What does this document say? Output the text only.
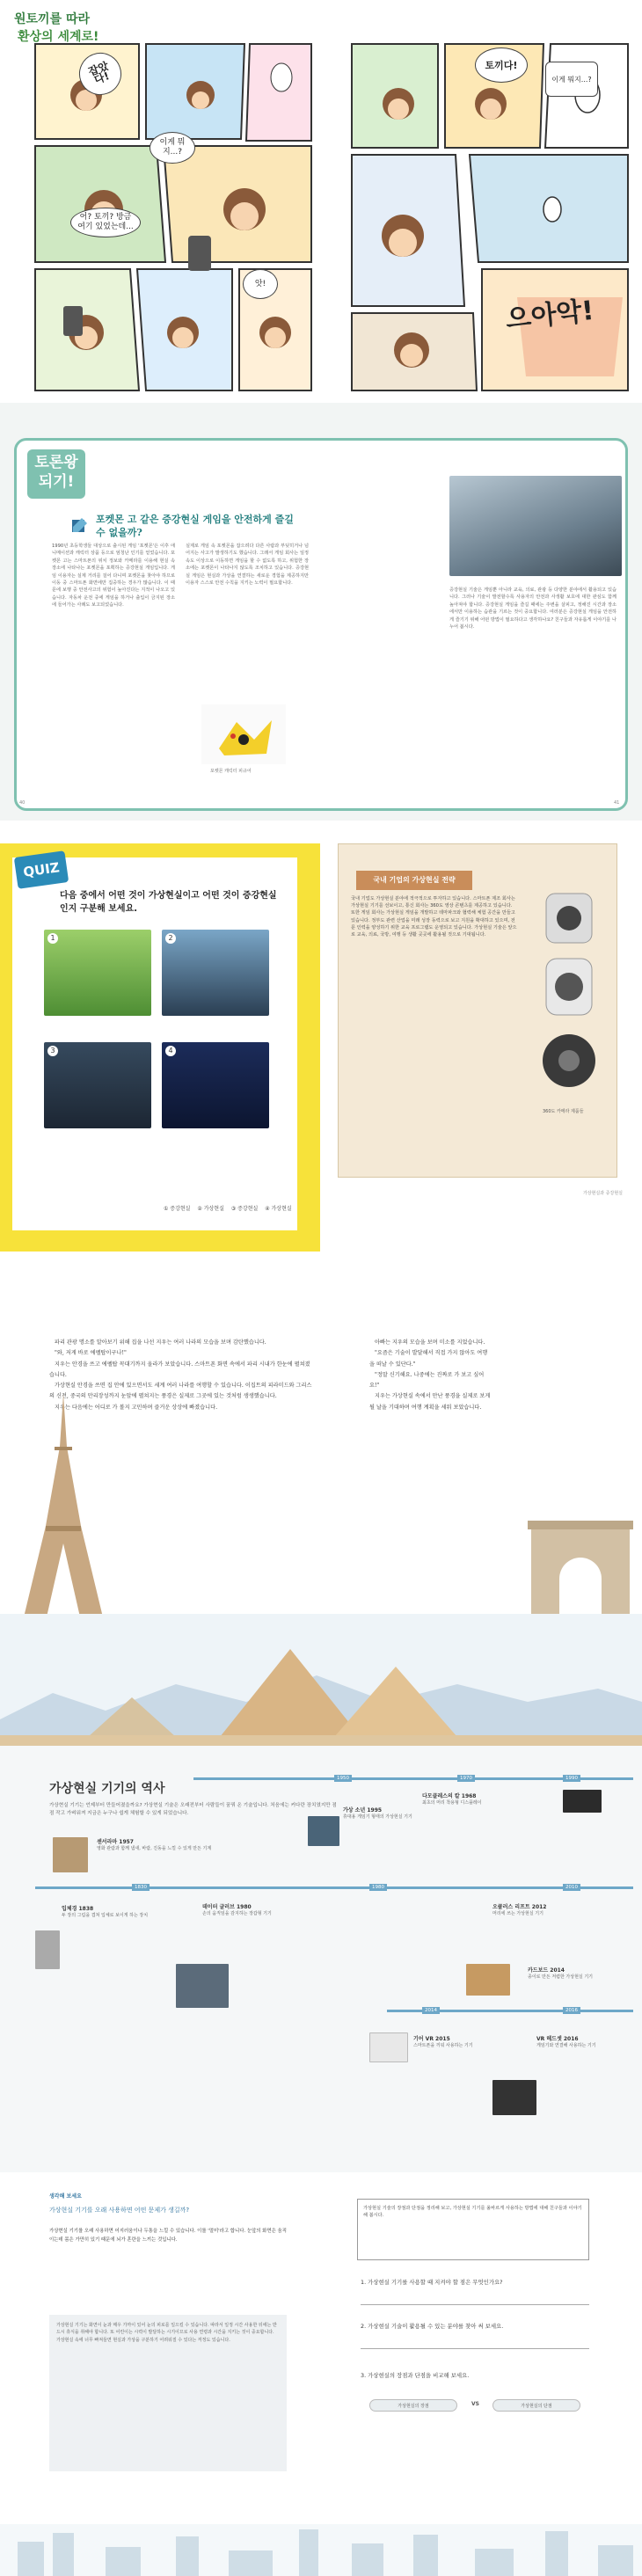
원토끼를 따라
환상의 세계로!
잡았다!
이게 뭐지...?
어? 토끼? 방금 여기 있었는데...
앗!
토끼다!
이게 뭐지...?
으아악!
토론왕
되기!
포켓몬 고 같은 증강현실 게임을 안전하게 즐길 수 없을까?
1990년 초등학생들 대상으로 출시된 게임 '포켓몬'은 이후 애니메이션과 캐릭터 상품 등으로 엄청난 인기를 얻었습니다. 포켓몬 고는 스마트폰의 위치 정보와 카메라를 이용해 현실 속 장소에 나타나는 포켓몬을 포획하는 증강현실 게임입니다. 게임 이용자는 실제 거리를 걸어 다니며 포켓몬을 찾아야 하므로 이동 중 스마트폰 화면에만 집중하는 경우가 많습니다. 이 때문에 보행 중 안전사고의 위험이 높아진다는 지적이 나오고 있습니다. 자동차 운전 중에 게임을 하거나 출입이 금지된 장소에 들어가는 사례도 보고되었습니다.
실제로 게임 속 포켓몬을 잡으려다 다른 사람과 부딪히거나 넘어지는 사고가 발생하기도 했습니다. 그래서 게임 회사는 일정 속도 이상으로 이동하면 게임을 할 수 없도록 하고, 위험한 장소에는 포켓몬이 나타나지 않도록 조치하고 있습니다. 증강현실 게임은 현실과 가상을 연결하는 새로운 경험을 제공하지만 이용자 스스로 안전 수칙을 지키는 노력이 필요합니다.
포켓몬 캐릭터 피규어
증강현실 기술은 게임뿐 아니라 교육, 의료, 관광 등 다양한 분야에서 활용되고 있습니다. 그러나 기술이 발전할수록 사용자의 안전과 사생활 보호에 대한 관심도 함께 높아져야 합니다. 증강현실 게임을 즐길 때에는 주변을 살피고, 정해진 시간과 장소에서만 이용하는 습관을 기르는 것이 중요합니다. 여러분은 증강현실 게임을 안전하게 즐기기 위해 어떤 방법이 필요하다고 생각하나요? 친구들과 자유롭게 이야기를 나누어 봅시다.
40	41
QUIZ
다음 중에서 어떤 것이 가상현실이고 어떤 것이 증강현실인지 구분해 보세요.
1	2
3	4
① 증강현실 ② 가상현실 ③ 증강현실 ④ 가상현실
국내 기업의 가상현실 전략
국내 기업도 가상현실 분야에 적극적으로 투자하고 있습니다. 스마트폰 제조 회사는 가상현실 기기를 선보이고, 통신 회사는 360도 영상 콘텐츠를 제공하고 있습니다. 또한 게임 회사는 가상현실 게임을 개발하고 테마파크와 협력해 체험 공간을 만들고 있습니다. 정부도 관련 산업을 미래 성장 동력으로 보고 지원을 확대하고 있으며, 전문 인력을 양성하기 위한 교육 프로그램도 운영되고 있습니다. 가상현실 기술은 앞으로 교육, 의료, 국방, 여행 등 생활 곳곳에 활용될 것으로 기대됩니다.
360도 카메라 제품들
가상현실과 증강현실

파리 관광 명소를 알아보기 위해 집을 나선 지우는 여러 나라의 모습을 보며 감탄했습니다.

"와, 저게 바로 에펠탑이구나!"

지우는 안경을 쓰고 에펠탑 꼭대기까지 올라가 보았습니다. 스마트폰 화면 속에서 파리 시내가 한눈에 펼쳐졌습니다.

가상현실 안경을 쓰면 집 안에 있으면서도 세계 여러 나라를 여행할 수 있습니다. 이집트의 피라미드와 그리스의 신전, 중국의 만리장성까지 눈앞에 펼쳐지는 풍경은 실제로 그곳에 있는 것처럼 생생했습니다.

지우는 다음에는 어디로 가 볼지 고민하며 즐거운 상상에 빠졌습니다.

아빠는 지우의 모습을 보며 미소를 지었습니다.

"요즘은 기술이 발달해서 직접 가지 않아도 여행을 떠날 수 있단다."

"정말 신기해요. 나중에는 진짜로 가 보고 싶어요!"

지우는 가상현실 속에서 만난 풍경을 실제로 보게 될 날을 기대하며 여행 계획을 세워 보았습니다.

가상현실 기기의 역사
가상현실 기기는 언제부터 만들어졌을까요? 가상현실 기술은 오래전부터 사람들이 꿈꿔 온 기술입니다. 처음에는 커다란 장치였지만 점점 작고 가벼워져 지금은 누구나 쉽게 체험할 수 있게 되었습니다.
1950	1970	1990
1830	1980	2010
2014	2016
센서라마 1957
영화 관람과 함께 냄새, 바람, 진동을 느낄 수 있게 만든 기계
다모클레스의 칼 1968
최초의 머리 착용형 디스플레이
입체경 1838
두 장의 그림을 겹쳐 입체로 보이게 하는 장치
데이터 글러브 1980
손의 움직임을 감지하는 장갑형 기기
가상 소년 1995
휴대용 게임기 형태의 가상현실 기기
오큘러스 리프트 2012
머리에 쓰는 가상현실 기기
카드보드 2014
종이로 만든 저렴한 가상현실 기기
기어 VR 2015
스마트폰을 끼워 사용하는 기기
VR 헤드셋 2016
게임기와 연결해 사용하는 기기
생각해 보세요
가상현실 기기를 오래 사용하면 어떤 문제가 생길까?
가상현실 기기를 오래 사용하면 어지러움이나 두통을 느낄 수 있습니다. 이를 '멀미'라고 합니다. 눈앞의 화면은 움직이는데 몸은 가만히 있기 때문에 뇌가 혼란을 느끼는 것입니다.
가상현실 기기는 화면이 눈과 매우 가까이 있어 눈의 피로를 일으킬 수 있습니다. 따라서 일정 시간 사용한 뒤에는 반드시 휴식을 취해야 합니다. 또 어린이는 시력이 발달하는 시기이므로 사용 연령과 시간을 지키는 것이 중요합니다. 가상현실 속에 너무 빠져들면 현실과 가상을 구분하기 어려워질 수 있다는 걱정도 있습니다.
가상현실 기술의 장점과 단점을 정리해 보고, 가상현실 기기를 올바르게 사용하는 방법에 대해 친구들과 이야기해 봅시다.
1. 가상현실 기기를 사용할 때 지켜야 할 점은 무엇인가요?
2. 가상현실 기술이 활용될 수 있는 분야를 찾아 써 보세요.
3. 가상현실의 장점과 단점을 비교해 보세요.
가상현실의 장점	VS	가상현실의 단점
